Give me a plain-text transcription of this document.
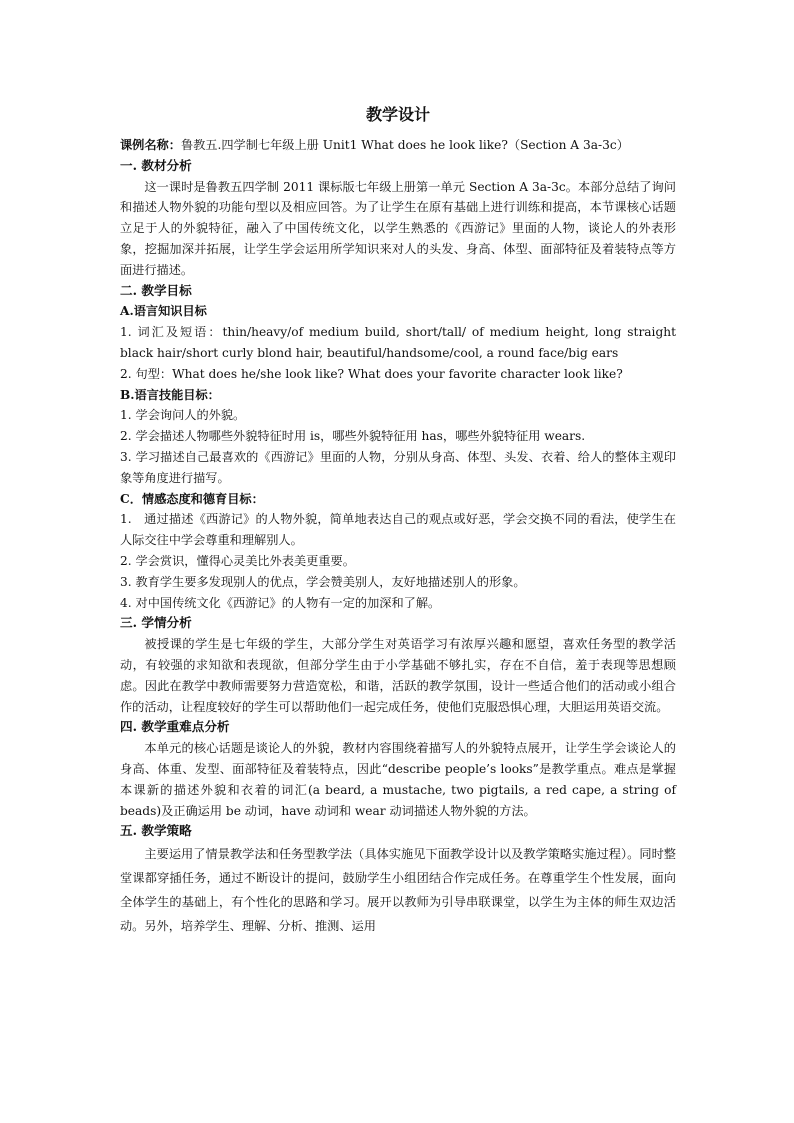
教学设计

课例名称：鲁教五.四学制七年级上册 Unit1 What does he look like?（Section A 3a-3c）

一. 教材分析

这一课时是鲁教五四学制 2011 课标版七年级上册第一单元 Section A 3a-3c。本部分总结了询问和描述人物外貌的功能句型以及相应回答。为了让学生在原有基础上进行训练和提高，本节课核心话题立足于人的外貌特征，融入了中国传统文化，以学生熟悉的《西游记》里面的人物，谈论人的外表形象，挖掘加深并拓展，让学生学会运用所学知识来对人的头发、身高、体型、面部特征及着装特点等方面进行描述。

二. 教学目标

A.语言知识目标

1. 词汇及短语：thin/heavy/of medium build, short/tall/ of medium height, long straight black hair/short curly blond hair, beautiful/handsome/cool, a round face/big ears

2. 句型：What does he/she look like? What does your favorite character look like?

B.语言技能目标：

1. 学会询问人的外貌。

2. 学会描述人物哪些外貌特征时用 is，哪些外貌特征用 has，哪些外貌特征用 wears.

3. 学习描述自己最喜欢的《西游记》里面的人物，分别从身高、体型、头发、衣着、给人的整体主观印象等角度进行描写。

C．情感态度和德育目标：

1.　通过描述《西游记》的人物外貌，简单地表达自己的观点或好恶，学会交换不同的看法，使学生在人际交往中学会尊重和理解别人。

2. 学会赏识，懂得心灵美比外表美更重要。

3. 教育学生要多发现别人的优点，学会赞美别人，友好地描述别人的形象。

4. 对中国传统文化《西游记》的人物有一定的加深和了解。

三. 学情分析

被授课的学生是七年级的学生，大部分学生对英语学习有浓厚兴趣和愿望，喜欢任务型的教学活动，有较强的求知欲和表现欲，但部分学生由于小学基础不够扎实，存在不自信，羞于表现等思想顾虑。因此在教学中教师需要努力营造宽松，和谐，活跃的教学氛围，设计一些适合他们的活动或小组合作的活动，让程度较好的学生可以帮助他们一起完成任务，使他们克服恐惧心理，大胆运用英语交流。

四. 教学重难点分析

本单元的核心话题是谈论人的外貌，教材内容围绕着描写人的外貌特点展开，让学生学会谈论人的身高、体重、发型、面部特征及着装特点，因此“describe people’s looks”是教学重点。难点是掌握本课新的描述外貌和衣着的词汇(a beard, a mustache, two pigtails, a red cape, a string of beads)及正确运用 be 动词，have 动词和 wear 动词描述人物外貌的方法。

五. 教学策略

主要运用了情景教学法和任务型教学法（具体实施见下面教学设计以及教学策略实施过程）。同时整堂课都穿插任务，通过不断设计的提问，鼓励学生小组团结合作完成任务。在尊重学生个性发展，面向全体学生的基础上，有个性化的思路和学习。展开以教师为引导串联课堂，以学生为主体的师生双边活动。另外，培养学生、理解、分析、推测、运用
